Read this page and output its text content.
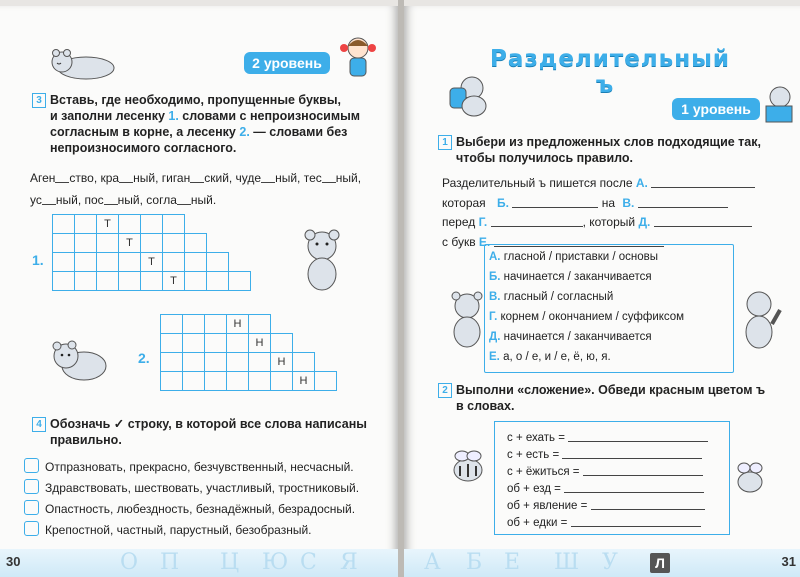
2 уровень
3 Вставь, где необходимо, пропущенные буквы,
и заполни лесенку 1. словами с непроизносимым
согласным в корне, а лесенку 2. — словами без
непроизносимого согласного.
Аген ство, кра ный, гиган ский, чуде ный, тес ный,
ус ный, пос ный, согла ный.
1.
		Т						
			Т					
				Т				
					Т			
2.
			Н				
				Н			
					Н		
						Н	
4 Обозначь ✓ строку, в которой все слова написаны
правильно.
Отпразновать, прекрасно, безчувственный, несчасный.
Здравствовать, шествовать, участливый, тростниковый.
Опастность, любездность, безнадёжный, безрадосный.
Крепостной, частный, парустный, безобразный.
О П Ц Ю С Я
30
Разделительный ъ
1 уровень
1 Выбери из предложенных слов подходящие так,
чтобы получилось правило.
Разделительный ъ пишется после А.
которая Б.	на В.
перед Г.	, который Д.
с букв Е.
А. гласной / приставки / основы
Б. начинается / заканчивается
В. гласный / согласный
Г. корнем / окончанием / суффиксом
Д. начинается / заканчивается
Е. а, о / е, и / е, ё, ю, я.
2 Выполни «сложение». Обведи красным цветом ъ
в словах.
с + ехать =
с + есть =
с + ёжиться =
об + езд =
об + явление =
об + едки =
А Б Е Ш У	Л	31
